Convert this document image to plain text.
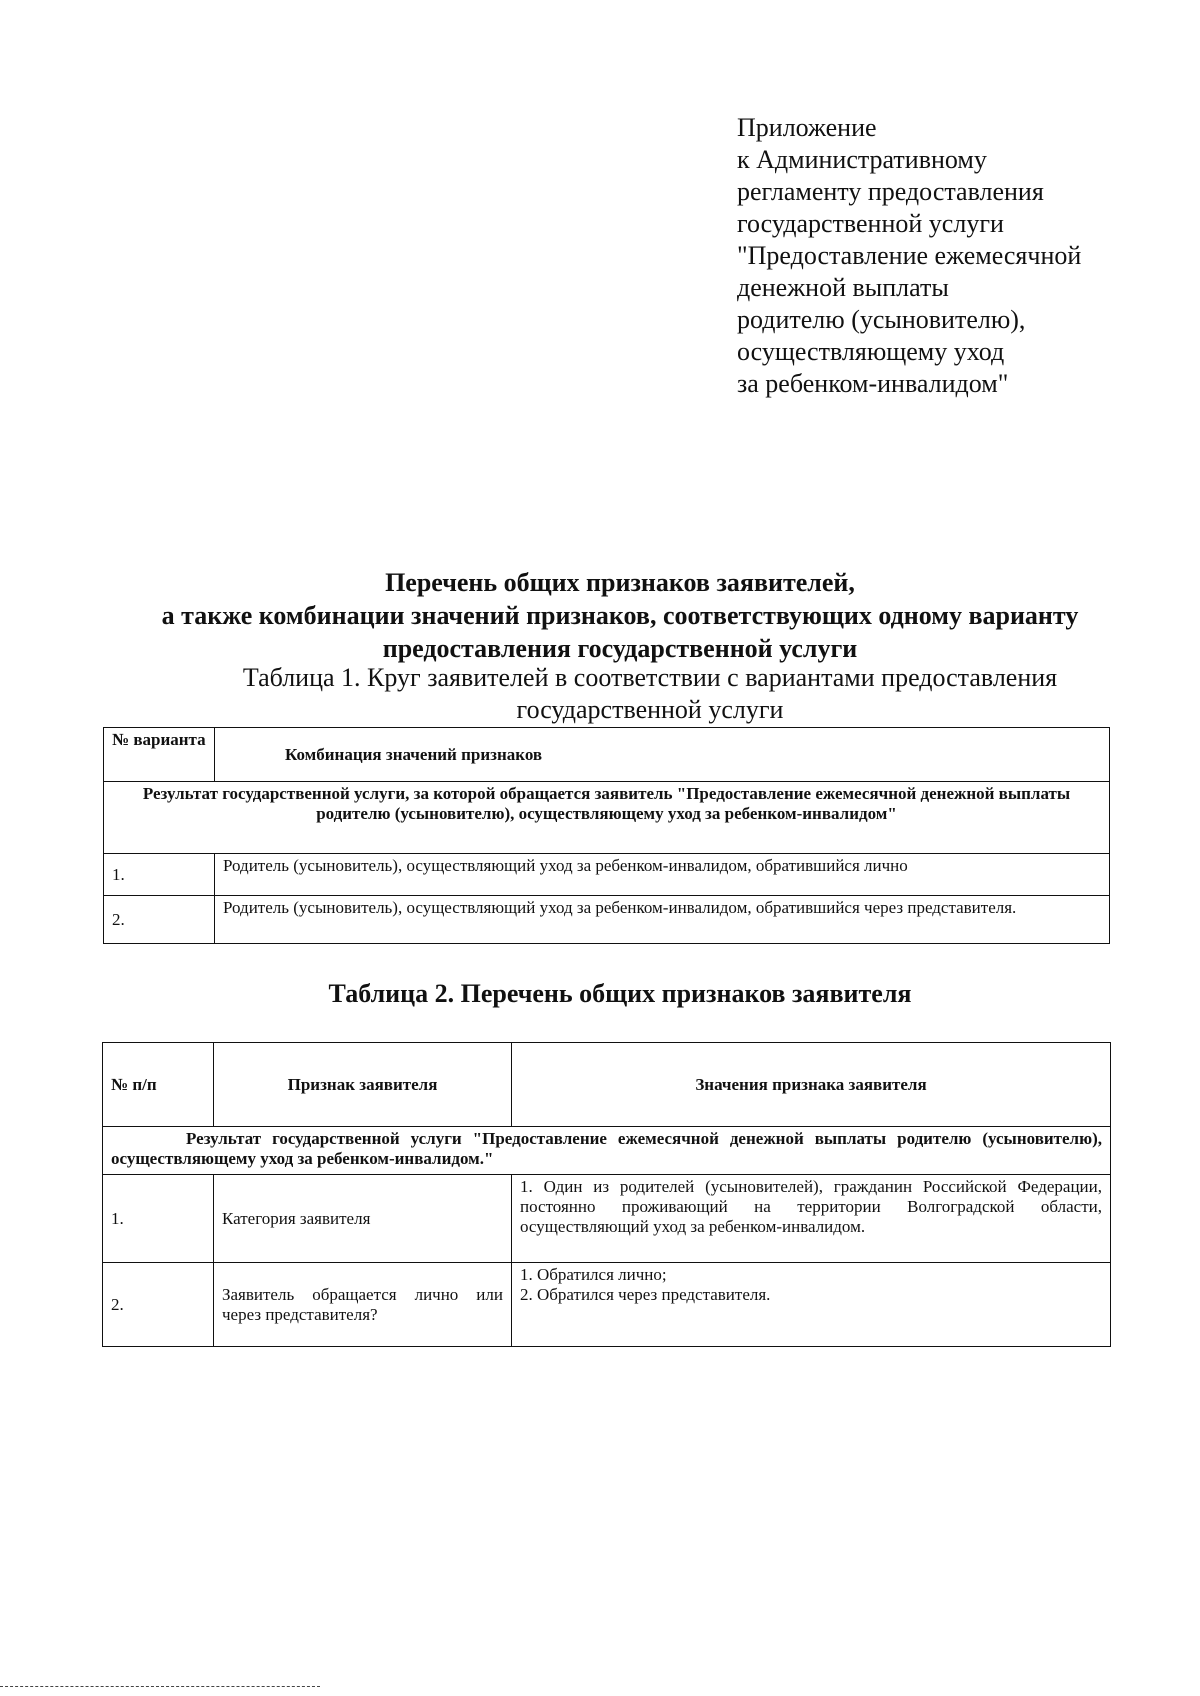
Приложение
к Административному
регламенту предоставления
государственной услуги
"Предоставление ежемесячной
денежной выплаты
родителю (усыновителю),
осуществляющему уход
за ребенком-инвалидом"
Перечень общих признаков заявителей,
а также комбинации значений признаков, соответствующих одному варианту
предоставления государственной услуги
Таблица 1. Круг заявителей в соответствии с вариантами предоставления
государственной услуги
№ варианта	Комбинация значений признаков
Результат государственной услуги, за которой обращается заявитель "Предоставление ежемесячной денежной выплаты родителю (усыновителю), осуществляющему уход за ребенком-инвалидом"	
1.	Родитель (усыновитель), осуществляющий уход за ребенком-инвалидом, обратившийся лично
2.	Родитель (усыновитель), осуществляющий уход за ребенком-инвалидом, обратившийся через представителя.
Таблица 2. Перечень общих признаков заявителя
№ п/п	Признак заявителя	Значения признака заявителя
Результат государственной услуги "Предоставление ежемесячной денежной выплаты родителю (усыновителю), осуществляющему уход за ребенком-инвалидом."		
1.	Категория заявителя	1. Один из родителей (усыновителей), гражданин Российской Федерации, постоянно проживающий на территории Волгоградской области, осуществляющий уход за ребенком-инвалидом.

2.	Заявитель обращается лично или через представителя?	1. Обратился лично;
2. Обратился через представителя.
